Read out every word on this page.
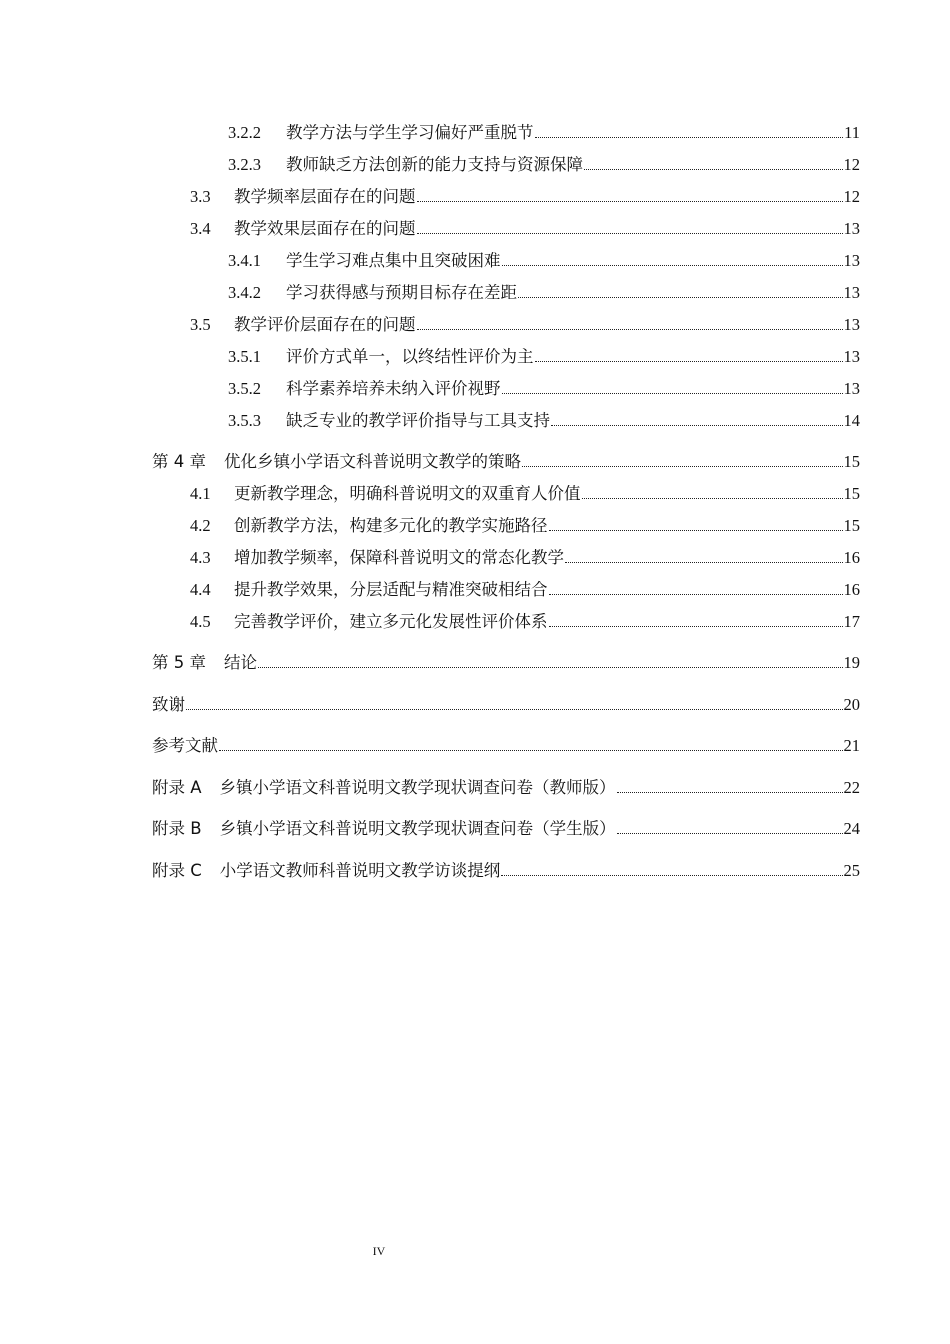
3.2.2	教学方法与学生学习偏好严重脱节	11
3.2.3	教师缺乏方法创新的能力支持与资源保障	12
3.3	教学频率层面存在的问题	12
3.4	教学效果层面存在的问题	13
3.4.1	学生学习难点集中且突破困难	13
3.4.2	学习获得感与预期目标存在差距	13
3.5	教学评价层面存在的问题	13
3.5.1	评价方式单一，以终结性评价为主	13
3.5.2	科学素养培养未纳入评价视野	13
3.5.3	缺乏专业的教学评价指导与工具支持	14
第 4 章 优化乡镇小学语文科普说明文教学的策略	15
4.1	更新教学理念，明确科普说明文的双重育人价值	15
4.2	创新教学方法，构建多元化的教学实施路径	15
4.3	增加教学频率，保障科普说明文的常态化教学	16
4.4	提升教学效果，分层适配与精准突破相结合	16
4.5	完善教学评价，建立多元化发展性评价体系	17
第 5 章 结论	19
致谢	20
参考文献	21
附录 A 乡镇小学语文科普说明文教学现状调查问卷（教师版）	22
附录 B 乡镇小学语文科普说明文教学现状调查问卷（学生版）	24
附录 C 小学语文教师科普说明文教学访谈提纲	25
IV
